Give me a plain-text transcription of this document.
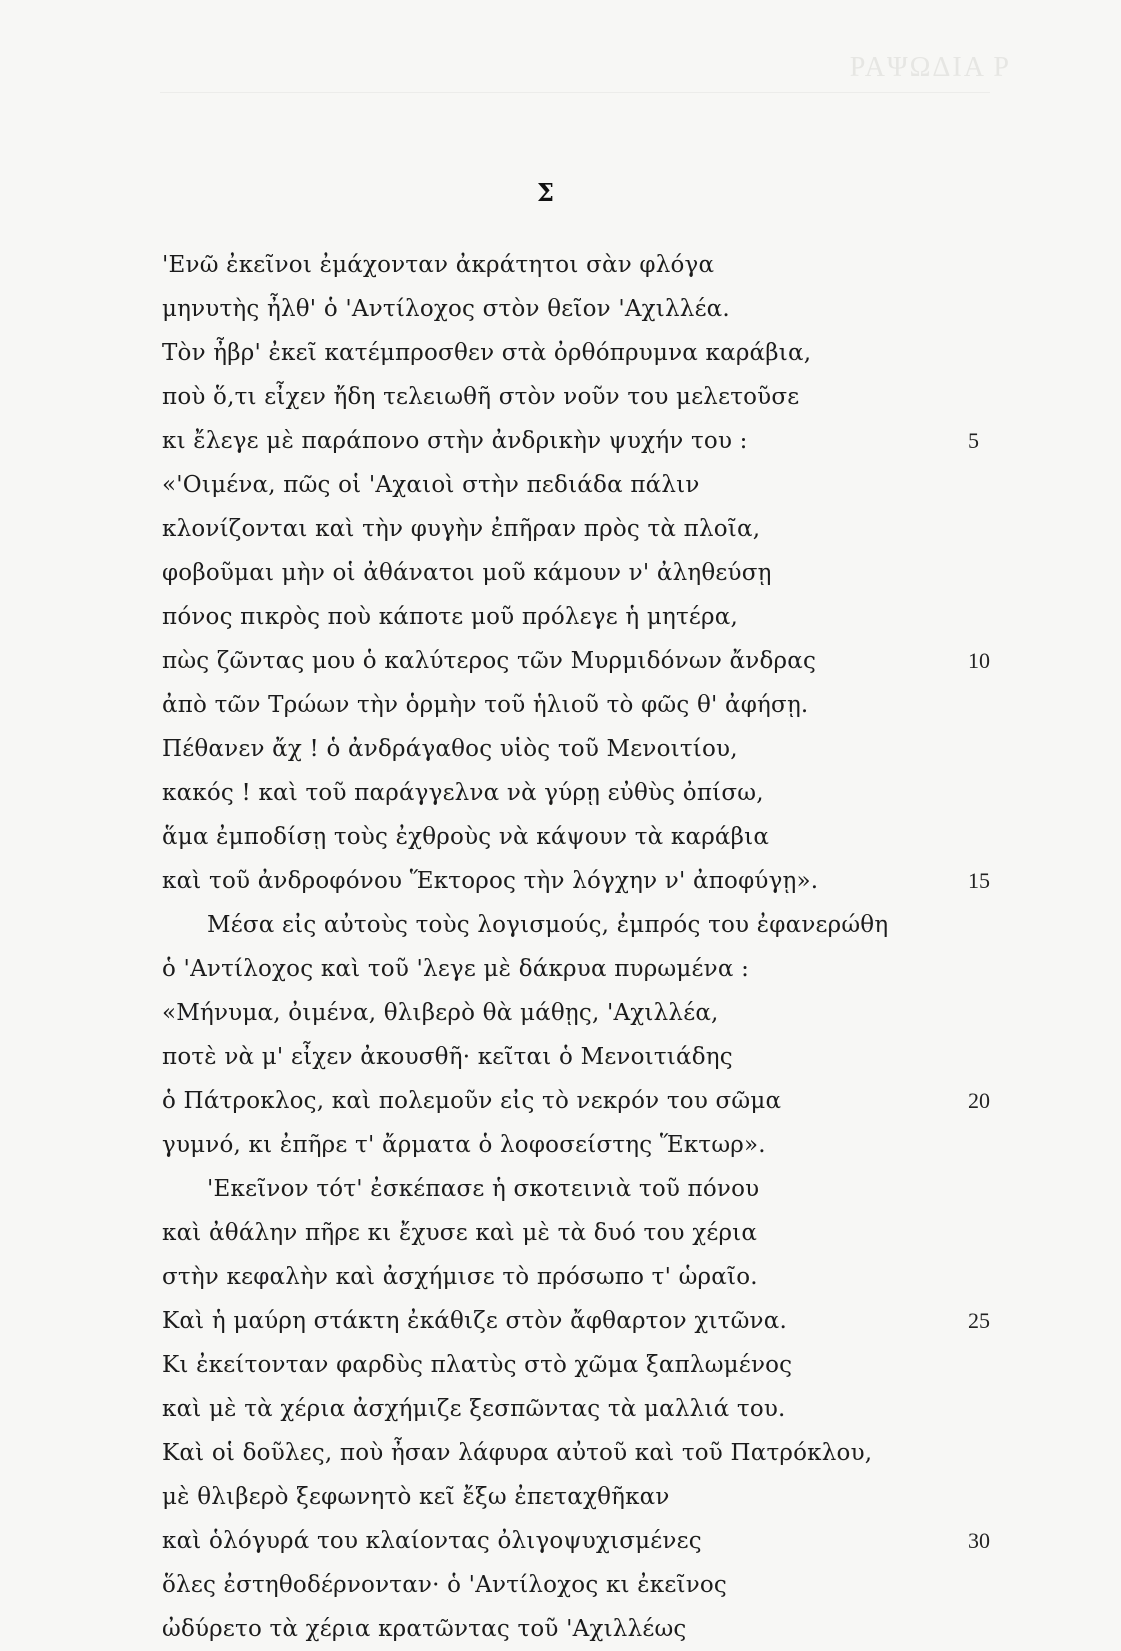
ΡΑΨΩΔΙΑ Ρ
Σ
'Ενῶ ἐκεῖνοι ἐμάχονταν ἀκράτητοι σὰν φλόγα
μηνυτὴς ἦλθ' ὁ 'Αντίλοχος στὸν θεῖον 'Αχιλλέα.
Τὸν ἦβρ' ἐκεῖ κατέμπροσθεν στὰ ὀρθόπρυμνα καράβια,
ποὺ ὅ,τι εἶχεν ἤδη τελειωθῆ στὸν νοῦν του μελετοῦσε
κι ἔλεγε μὲ παράπονο στὴν ἀνδρικὴν ψυχήν του :	5
«'Οιμένα, πῶς οἱ 'Αχαιοὶ στὴν πεδιάδα πάλιν
κλονίζονται καὶ τὴν φυγὴν ἐπῆραν πρὸς τὰ πλοῖα,
φοβοῦμαι μὴν οἱ ἀθάνατοι μοῦ κάμουν ν' ἀληθεύσῃ
πόνος πικρὸς ποὺ κάποτε μοῦ πρόλεγε ἡ μητέρα,
πὼς ζῶντας μου ὁ καλύτερος τῶν Μυρμιδόνων ἄνδρας	10
ἀπὸ τῶν Τρώων τὴν ὁρμὴν τοῦ ἡλιοῦ τὸ φῶς θ' ἀφήσῃ.
Πέθανεν ἄχ ! ὁ ἀνδράγαθος υἱὸς τοῦ Μενοιτίου,
κακός ! καὶ τοῦ παράγγελνα νὰ γύρῃ εὐθὺς ὀπίσω,
ἅμα ἐμποδίσῃ τοὺς ἐχθροὺς νὰ κάψουν τὰ καράβια
καὶ τοῦ ἀνδροφόνου Ἕκτορος τὴν λόγχην ν' ἀποφύγῃ».	15
Μέσα εἰς αὐτοὺς τοὺς λογισμούς, ἐμπρός του ἐφανερώθη
ὁ 'Αντίλοχος καὶ τοῦ 'λεγε μὲ δάκρυα πυρωμένα :
«Μήνυμα, ὀιμένα, θλιβερὸ θὰ μάθῃς, 'Αχιλλέα,
ποτὲ νὰ μ' εἶχεν ἀκουσθῆ· κεῖται ὁ Μενοιτιάδης
ὁ Πάτροκλος, καὶ πολεμοῦν εἰς τὸ νεκρόν του σῶμα	20
γυμνό, κι ἐπῆρε τ' ἄρματα ὁ λοφοσείστης Ἕκτωρ».
'Εκεῖνον τότ' ἐσκέπασε ἡ σκοτεινιὰ τοῦ πόνου
καὶ ἀθάλην πῆρε κι ἔχυσε καὶ μὲ τὰ δυό του χέρια
στὴν κεφαλὴν καὶ ἀσχήμισε τὸ πρόσωπο τ' ὡραῖο.
Καὶ ἡ μαύρη στάκτη ἐκάθιζε στὸν ἄφθαρτον χιτῶνα.	25
Κι ἐκείτονταν φαρδὺς πλατὺς στὸ χῶμα ξαπλωμένος
καὶ μὲ τὰ χέρια ἀσχήμιζε ξεσπῶντας τὰ μαλλιά του.
Καὶ οἱ δοῦλες, ποὺ ἦσαν λάφυρα αὐτοῦ καὶ τοῦ Πατρόκλου,
μὲ θλιβερὸ ξεφωνητὸ κεῖ ἔξω ἐπεταχθῆκαν
καὶ ὁλόγυρά του κλαίοντας ὀλιγοψυχισμένες	30
ὅλες ἐστηθοδέρνονταν· ὁ 'Αντίλοχος κι ἐκεῖνος
ὠδύρετο τὰ χέρια κρατῶντας τοῦ 'Αχιλλέως
